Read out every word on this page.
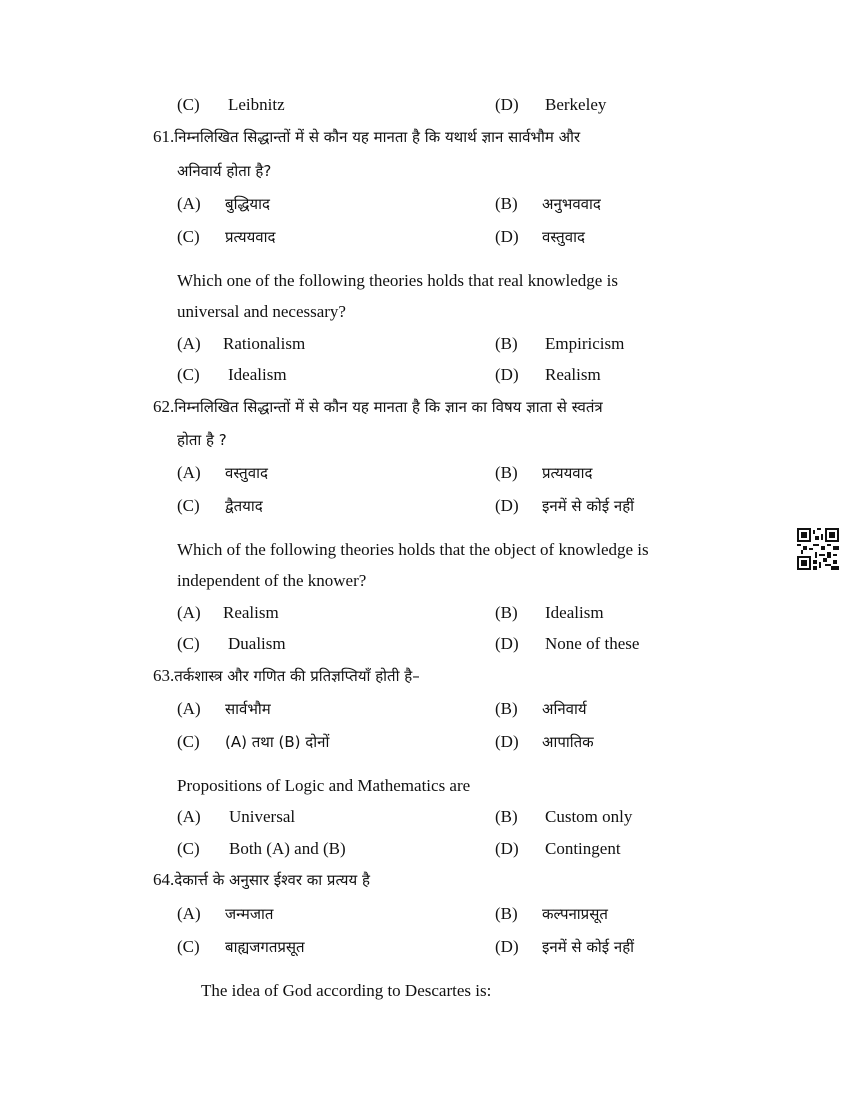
(C) Leibnitz	(D) Berkeley
61.निम्नलिखित सिद्धान्तों में से कौन यह मानता है कि यथार्थ ज्ञान सार्वभौम और
अनिवार्य होता है?
(A) बुद्धियाद	(B) अनुभववाद
(C) प्रत्ययवाद	(D) वस्तुवाद
Which one of the following theories holds that real knowledge is
universal and necessary?
(A) Rationalism	(B) Empiricism
(C) Idealism	(D) Realism
62.निम्नलिखित सिद्धान्तों में से कौन यह मानता है कि ज्ञान का विषय ज्ञाता से स्वतंत्र
होता है ?
(A) वस्तुवाद	(B) प्रत्ययवाद
(C) द्वैतयाद	(D) इनमें से कोई नहीं
Which of the following theories holds that the object of knowledge is
independent of the knower?
(A) Realism	(B) Idealism
(C) Dualism	(D) None of these
63.तर्कशास्त्र और गणित की प्रतिज्ञप्तियाँ होती है–
(A) सार्वभौम	(B) अनिवार्य
(C) (A) तथा (B) दोनों	(D) आपातिक
Propositions of Logic and Mathematics are
(A) Universal	(B) Custom only
(C) Both (A) and (B)	(D) Contingent
64.देकार्त्त के अनुसार ईश्वर का प्रत्यय है
(A) जन्मजात	(B) कल्पनाप्रसूत
(C) बाह्यजगतप्रसूत	(D) इनमें से कोई नहीं
The idea of God according to Descartes is:
